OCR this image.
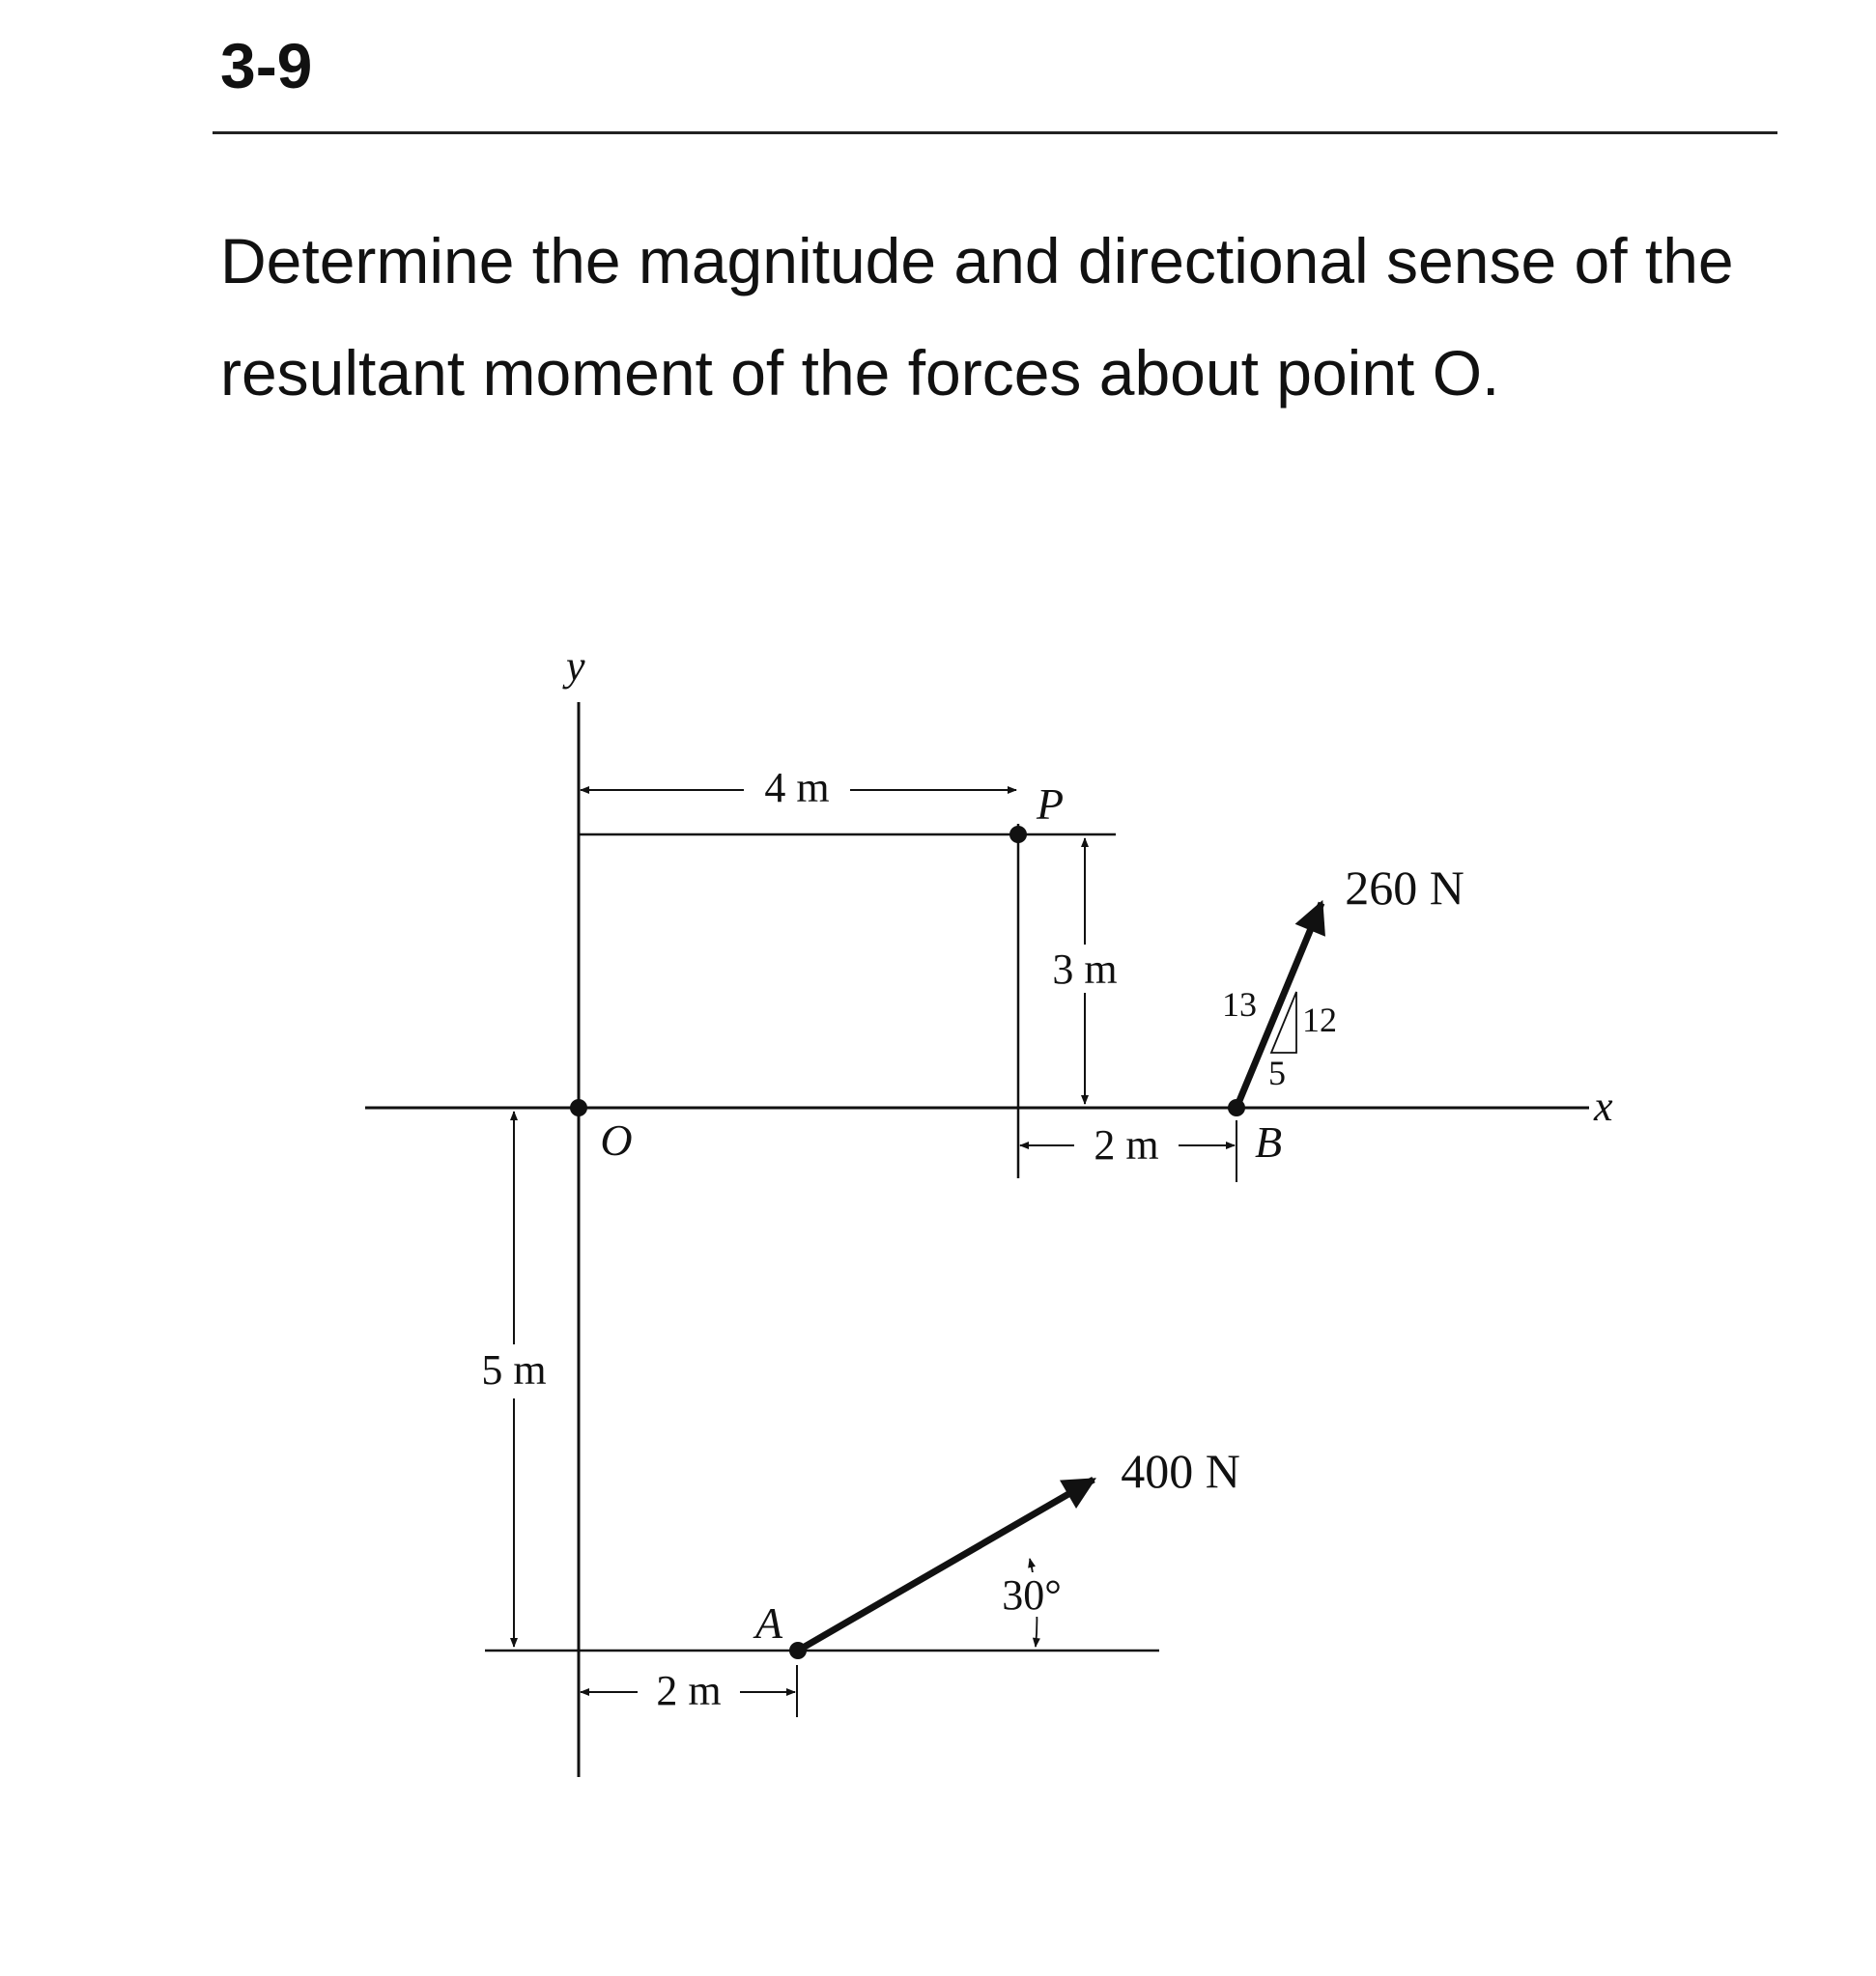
3-9

Determine the magnitude and directional sense of the resultant moment of the forces about point O.

x
y
4 m
3 m
2 m
5 m
2 m
O
P
B
260 N
13 12
5
A
400 N
30°
